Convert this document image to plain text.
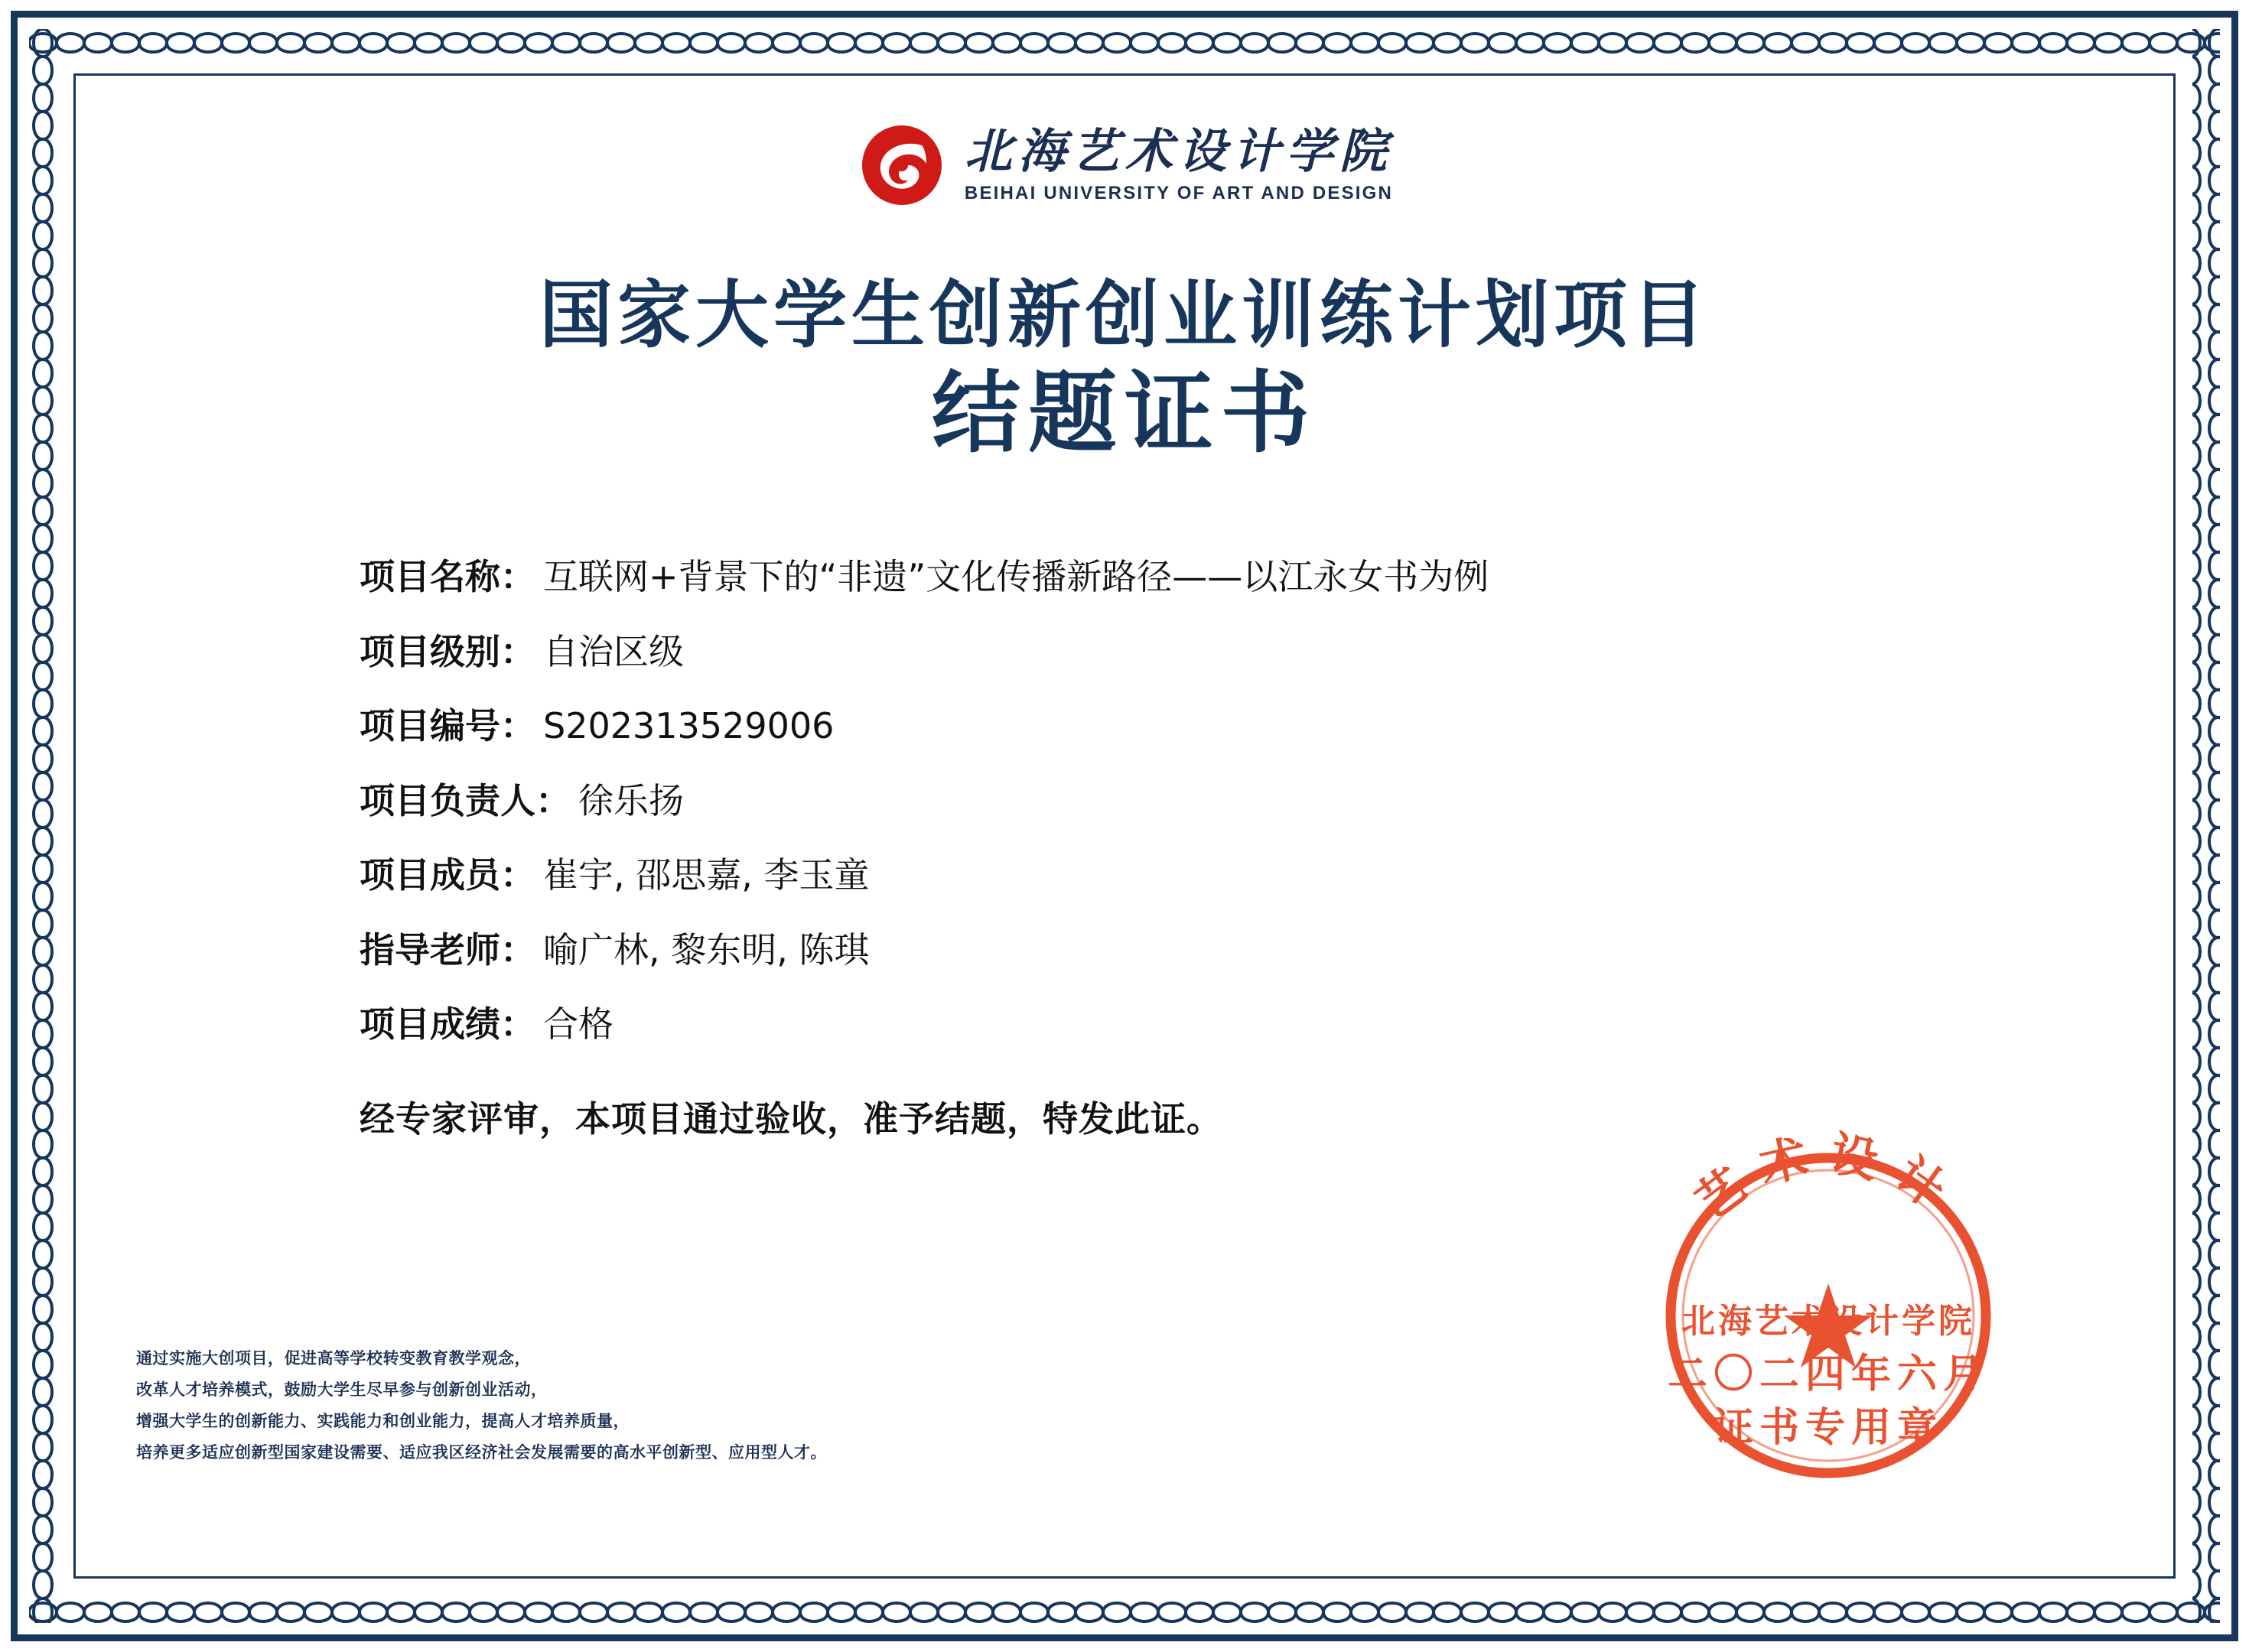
北海艺术设计学院
BEIHAI UNIVERSITY OF ART AND DESIGN
国家大学生创新创业训练计划项目
结题证书
项目名称： 互联网+背景下的“非遗”文化传播新路径——以江永女书为例
项目级别： 自治区级
项目编号： S202313529006
项目负责人： 徐乐扬
项目成员： 崔宇, 邵思嘉, 李玉童
指导老师： 喻广林, 黎东明, 陈琪
项目成绩： 合格
经专家评审，本项目通过验收，准予结题，特发此证。
通过实施大创项目，促进高等学校转变教育教学观念，
改革人才培养模式，鼓励大学生尽早参与创新创业活动，
增强大学生的创新能力、实践能力和创业能力，提高人才培养质量，
培养更多适应创新型国家建设需要、适应我区经济社会发展需要的高水平创新型、应用型人才。
艺术设计
北海艺术设计学院
二〇二四年六月
证书专用章
